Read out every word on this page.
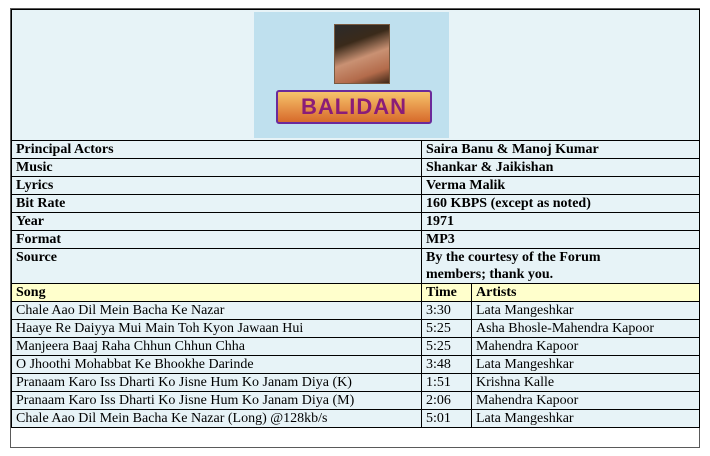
BALIDAN		

Principal Actors	Saira Banu & Manoj Kumar	
Music	Shankar & Jaikishan	
Lyrics	Verma Malik	
Bit Rate	160 KBPS (except as noted)	
Year	1971	
Format	MP3	
Source	By the courtesy of the Forum members; thank you.	
Song	Time	Artists
Chale Aao Dil Mein Bacha Ke Nazar	3:30	Lata Mangeshkar
Haaye Re Daiyya Mui Main Toh Kyon Jawaan Hui	5:25	Asha Bhosle-Mahendra Kapoor
Manjeera Baaj Raha Chhun Chhun Chha	5:25	Mahendra Kapoor
O Jhoothi Mohabbat Ke Bhookhe Darinde	3:48	Lata Mangeshkar
Pranaam Karo Iss Dharti Ko Jisne Hum Ko Janam Diya (K)	1:51	Krishna Kalle
Pranaam Karo Iss Dharti Ko Jisne Hum Ko Janam Diya (M)	2:06	Mahendra Kapoor
Chale Aao Dil Mein Bacha Ke Nazar (Long) @128kb/s	5:01	Lata Mangeshkar
